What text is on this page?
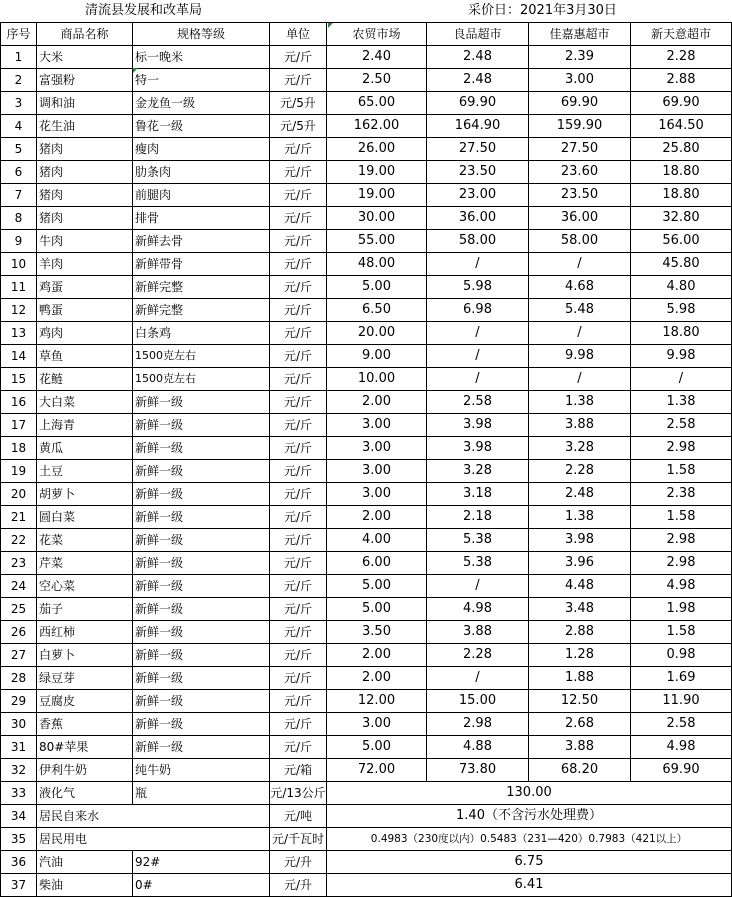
清流县发展和改革局	采价日：2021年3月30日
序号	商品名称	规格等级	单位	农贸市场	良品超市	佳嘉惠超市	新天意超市
1	大米	标一晚米	元/斤	2.40	2.48	2.39	2.28
2	富强粉	特一	元/斤	2.50	2.48	3.00	2.88
3	调和油	金龙鱼一级	元/5升	65.00	69.90	69.90	69.90
4	花生油	鲁花一级	元/5升	162.00	164.90	159.90	164.50
5	猪肉	瘦肉	元/斤	26.00	27.50	27.50	25.80
6	猪肉	肋条肉	元/斤	19.00	23.50	23.60	18.80
7	猪肉	前腿肉	元/斤	19.00	23.00	23.50	18.80
8	猪肉	排骨	元/斤	30.00	36.00	36.00	32.80
9	牛肉	新鲜去骨	元/斤	55.00	58.00	58.00	56.00
10	羊肉	新鲜带骨	元/斤	48.00	/	/	45.80
11	鸡蛋	新鲜完整	元/斤	5.00	5.98	4.68	4.80
12	鸭蛋	新鲜完整	元/斤	6.50	6.98	5.48	5.98
13	鸡肉	白条鸡	元/斤	20.00	/	/	18.80
14	草鱼	1500克左右	元/斤	9.00	/	9.98	9.98
15	花鲢	1500克左右	元/斤	10.00	/	/	/
16	大白菜	新鲜一级	元/斤	2.00	2.58	1.38	1.38
17	上海青	新鲜一级	元/斤	3.00	3.98	3.88	2.58
18	黄瓜	新鲜一级	元/斤	3.00	3.98	3.28	2.98
19	土豆	新鲜一级	元/斤	3.00	3.28	2.28	1.58
20	胡萝卜	新鲜一级	元/斤	3.00	3.18	2.48	2.38
21	圆白菜	新鲜一级	元/斤	2.00	2.18	1.38	1.58
22	花菜	新鲜一级	元/斤	4.00	5.38	3.98	2.98
23	芹菜	新鲜一级	元/斤	6.00	5.38	3.96	2.98
24	空心菜	新鲜一级	元/斤	5.00	/	4.48	4.98
25	茄子	新鲜一级	元/斤	5.00	4.98	3.48	1.98
26	西红柿	新鲜一级	元/斤	3.50	3.88	2.88	1.58
27	白萝卜	新鲜一级	元/斤	2.00	2.28	1.28	0.98
28	绿豆芽	新鲜一级	元/斤	2.00	/	1.88	1.69
29	豆腐皮	新鲜一级	元/斤	12.00	15.00	12.50	11.90
30	香蕉	新鲜一级	元/斤	3.00	2.98	2.68	2.58
31	80#苹果	新鲜一级	元/斤	5.00	4.88	3.88	4.98
32	伊利牛奶	纯牛奶	元/箱	72.00	73.80	68.20	69.90
33	液化气	瓶	元/13公斤	130.00			
34	居民自来水		元/吨	1.40（不含污水处理费）			
35	居民用电		元/千瓦时	0.4983（230度以内）0.5483（231—420）0.7983（421以上）			
36	汽油	92#	元/升	6.75			
37	柴油	0#	元/升	6.41			
